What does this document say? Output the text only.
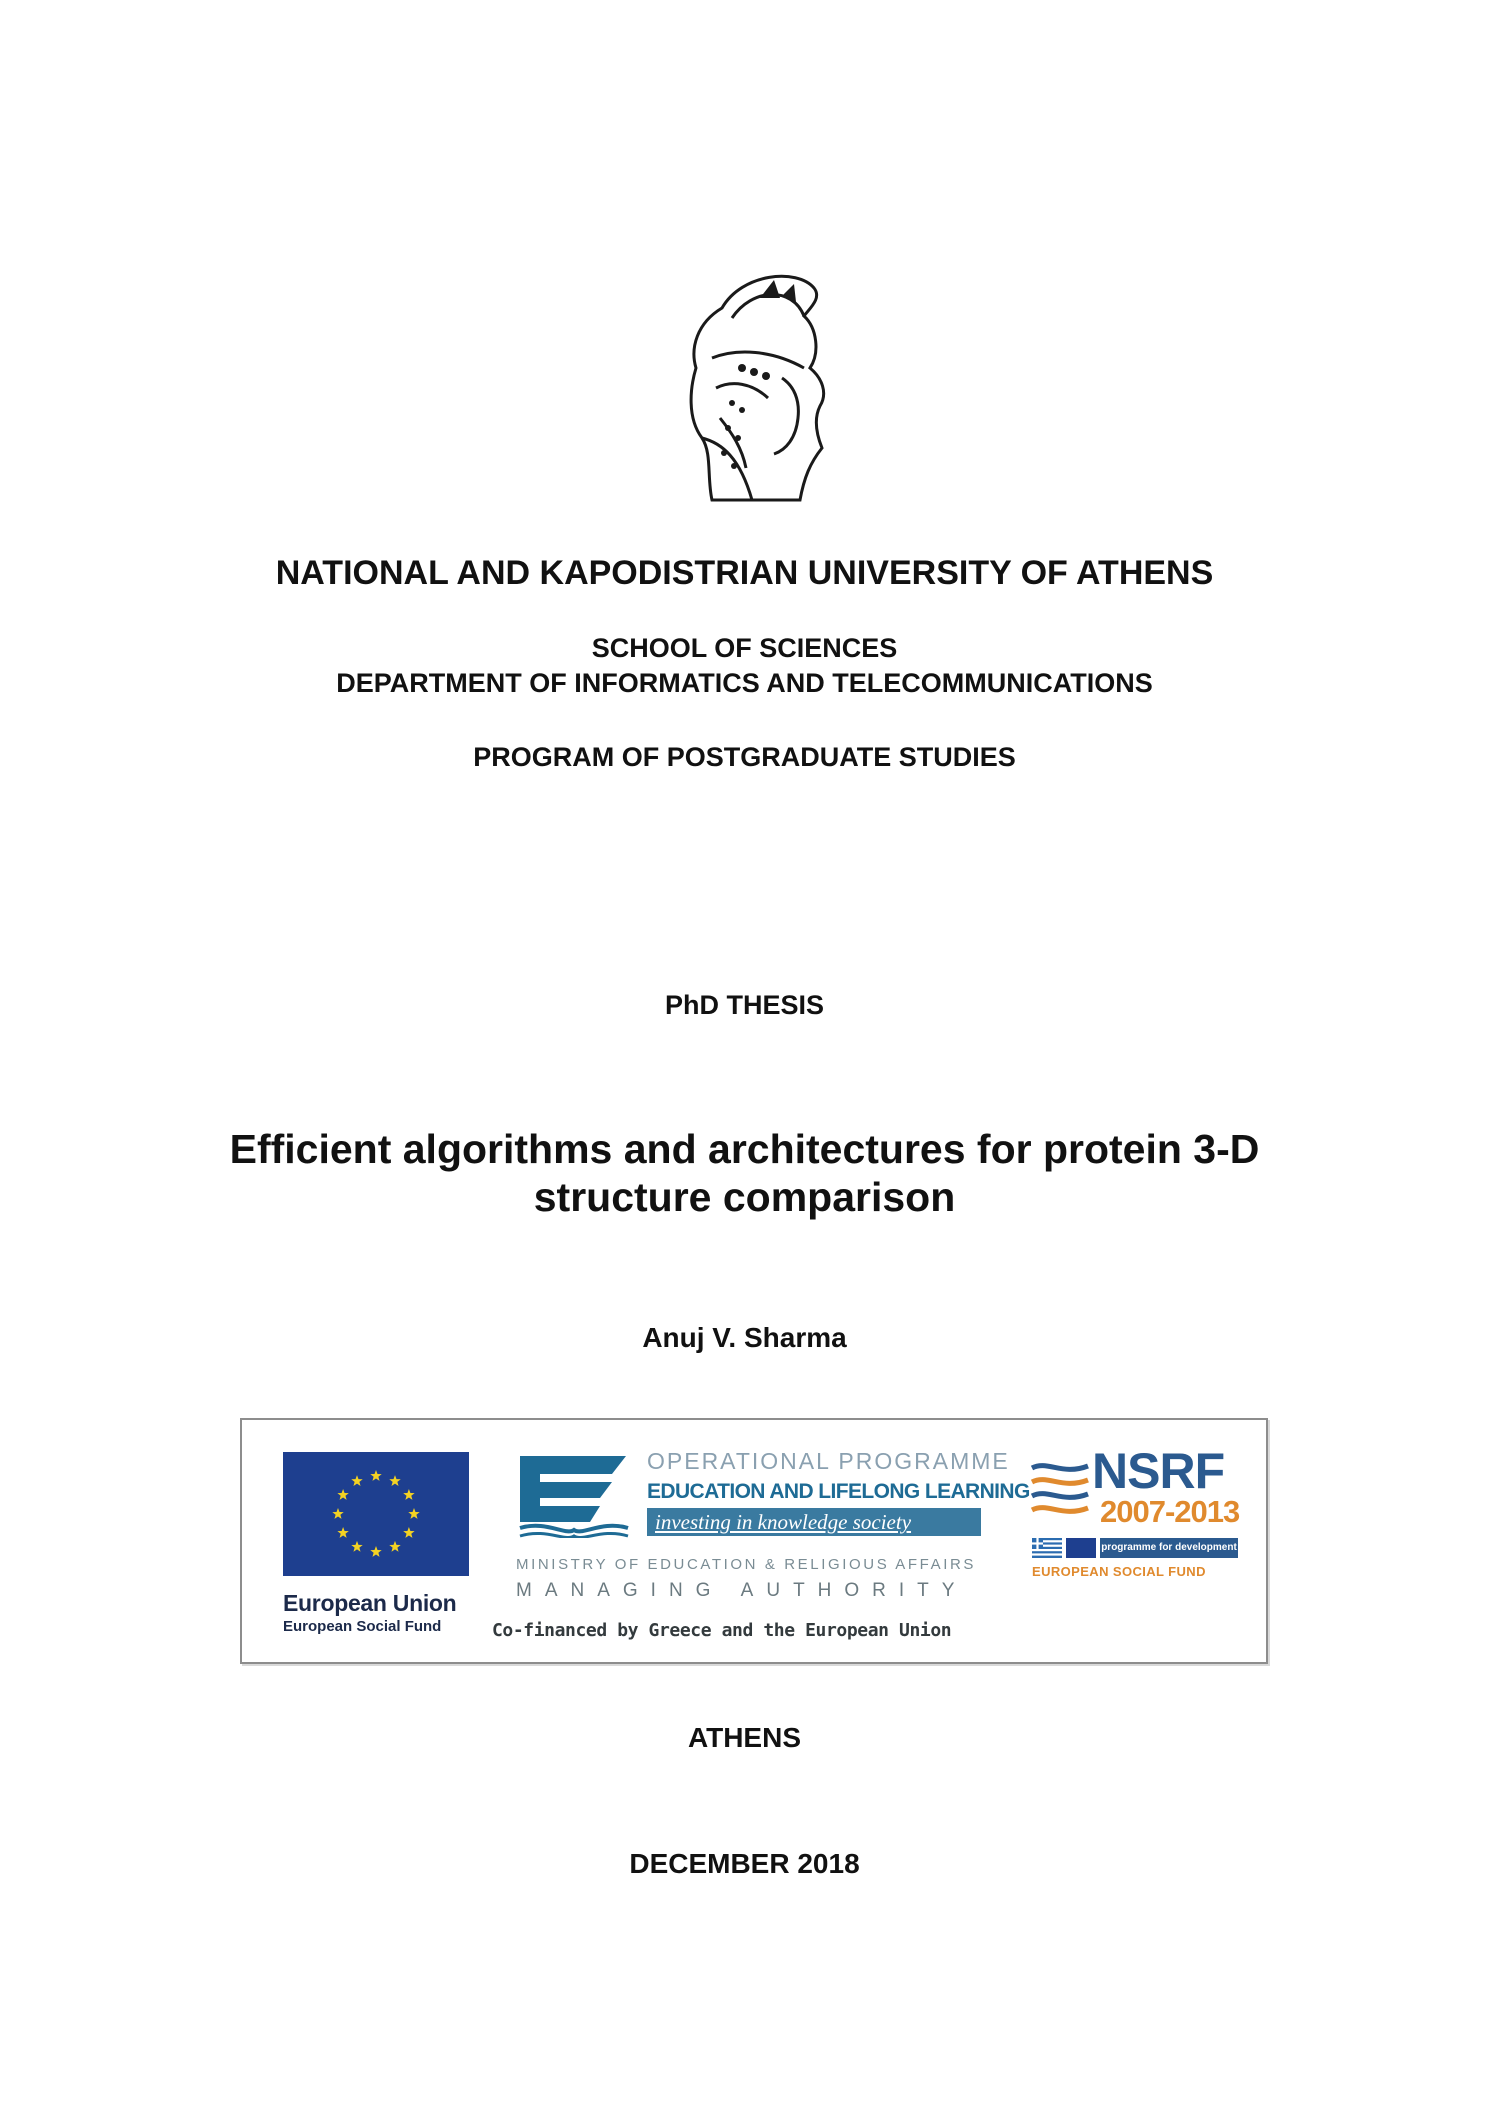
NATIONAL AND KAPODISTRIAN UNIVERSITY OF ATHENS
SCHOOL OF SCIENCES
DEPARTMENT OF INFORMATICS AND TELECOMMUNICATIONS
PROGRAM OF POSTGRADUATE STUDIES
PhD THESIS
Efficient algorithms and architectures for protein 3-D
structure comparison
Anuj V. Sharma
European Union
European Social Fund
OPERATIONAL PROGRAMME
EDUCATION AND LIFELONG LEARNING
investing in knowledge society
MINISTRY OF EDUCATION & RELIGIOUS AFFAIRS
MANAGING AUTHORITY
Co-financed by Greece and the European Union
NSRF
2007-2013
programme for development
EUROPEAN SOCIAL FUND
ATHENS
DECEMBER 2018
